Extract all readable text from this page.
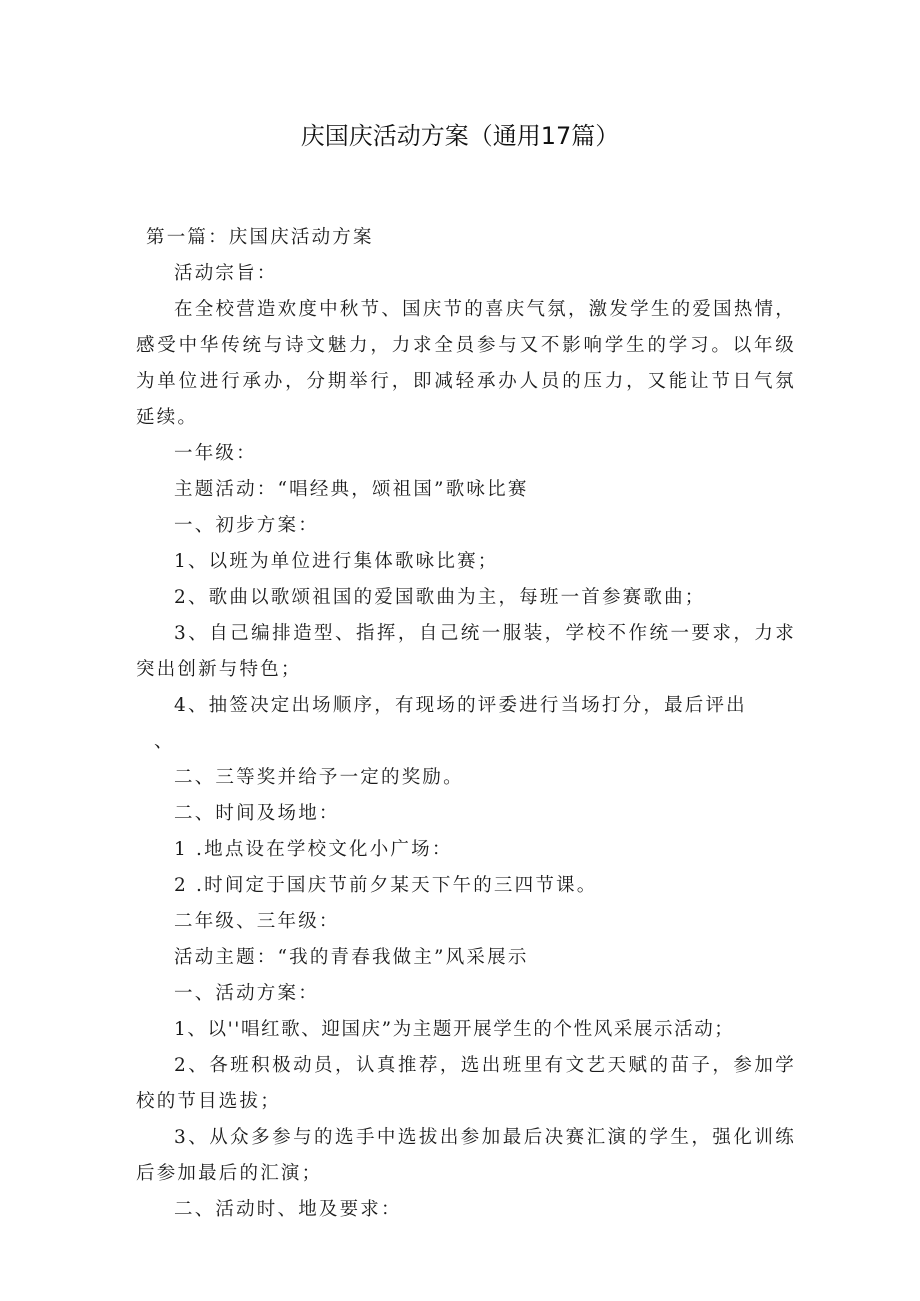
庆国庆活动方案（通用17篇）

第一篇：庆国庆活动方案

活动宗旨：

在全校营造欢度中秋节、国庆节的喜庆气氛，激发学生的爱国热情，感受中华传统与诗文魅力，力求全员参与又不影响学生的学习。以年级为单位进行承办，分期举行，即减轻承办人员的压力，又能让节日气氛延续。

一年级：

主题活动：“唱经典，颂祖国”歌咏比赛

一、初步方案：

1、以班为单位进行集体歌咏比赛；

2、歌曲以歌颂祖国的爱国歌曲为主，每班一首参赛歌曲；

3、自己编排造型、指挥，自己统一服装，学校不作统一要求，力求突出创新与特色；

4、抽签决定出场顺序，有现场的评委进行当场打分，最后评出

、

二、三等奖并给予一定的奖励。

二、时间及场地：

1 .地点设在学校文化小广场：

2 .时间定于国庆节前夕某天下午的三四节课。

二年级、三年级：

活动主题：“我的青春我做主”风采展示

一、活动方案：

1、以''唱红歌、迎国庆”为主题开展学生的个性风采展示活动；

2、各班积极动员，认真推荐，选出班里有文艺天赋的苗子，参加学校的节目选拔；

3、从众多参与的选手中选拔出参加最后决赛汇演的学生，强化训练后参加最后的汇演；

二、活动时、地及要求：
